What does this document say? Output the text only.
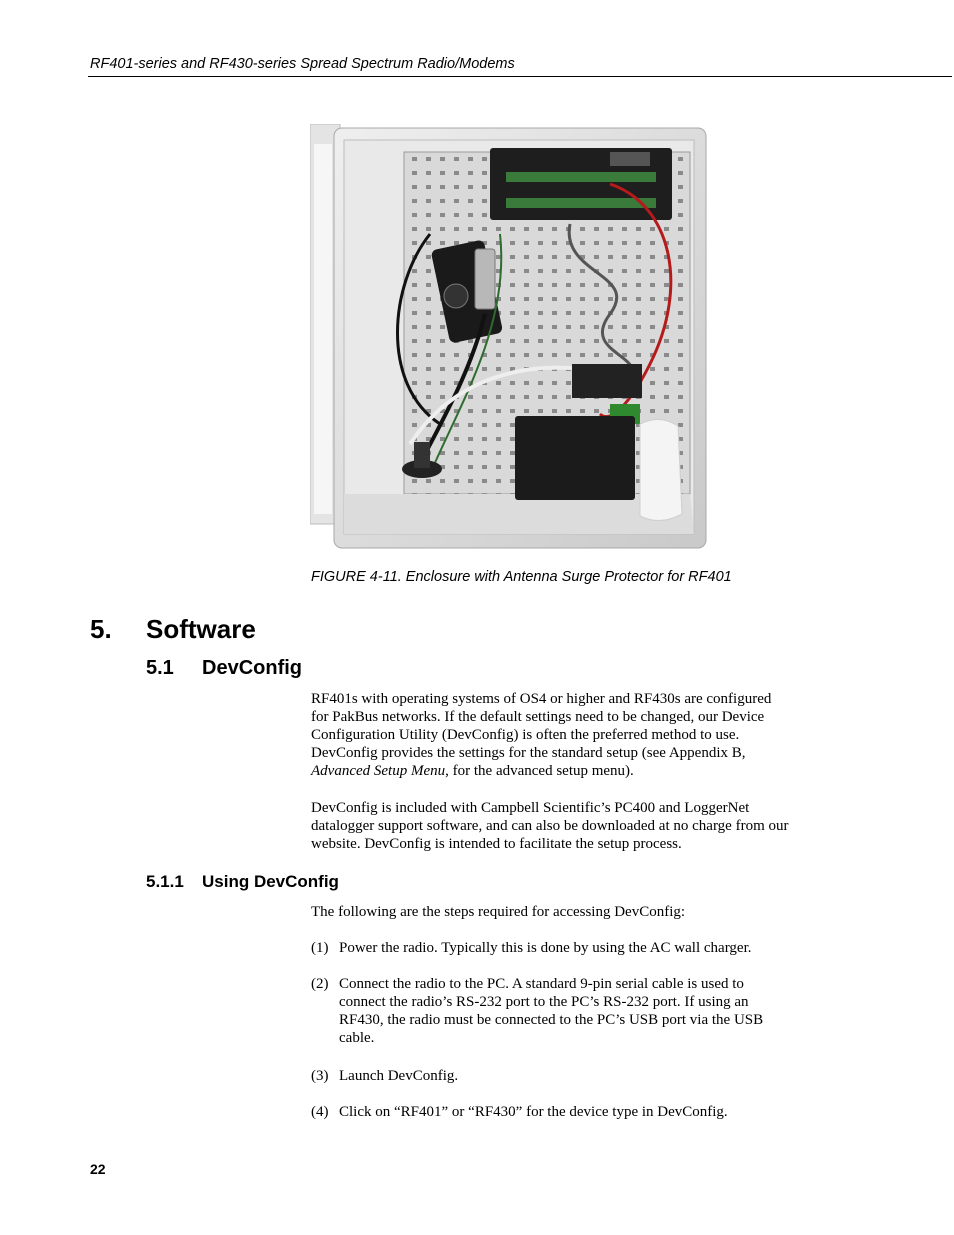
RF401-series and RF430-series Spread Spectrum Radio/Modems
FIGURE 4-11. Enclosure with Antenna Surge Protector for RF401
5.	Software
5.1	DevConfig
RF401s with operating systems of OS4 or higher and RF430s are configured
for PakBus networks. If the default settings need to be changed, our Device
Configuration Utility (DevConfig) is often the preferred method to use.
DevConfig provides the settings for the standard setup (see Appendix B,
Advanced Setup Menu, for the advanced setup menu).
DevConfig is included with Campbell Scientific’s PC400 and LoggerNet
datalogger support software, and can also be downloaded at no charge from our
website. DevConfig is intended to facilitate the setup process.
5.1.1	Using DevConfig
The following are the steps required for accessing DevConfig:
(1) Power the radio. Typically this is done by using the AC wall charger.
(2) Connect the radio to the PC. A standard 9-pin serial cable is used to
connect the radio’s RS-232 port to the PC’s RS-232 port. If using an
RF430, the radio must be connected to the PC’s USB port via the USB
cable.
(3) Launch DevConfig.
(4) Click on “RF401” or “RF430” for the device type in DevConfig.
22
